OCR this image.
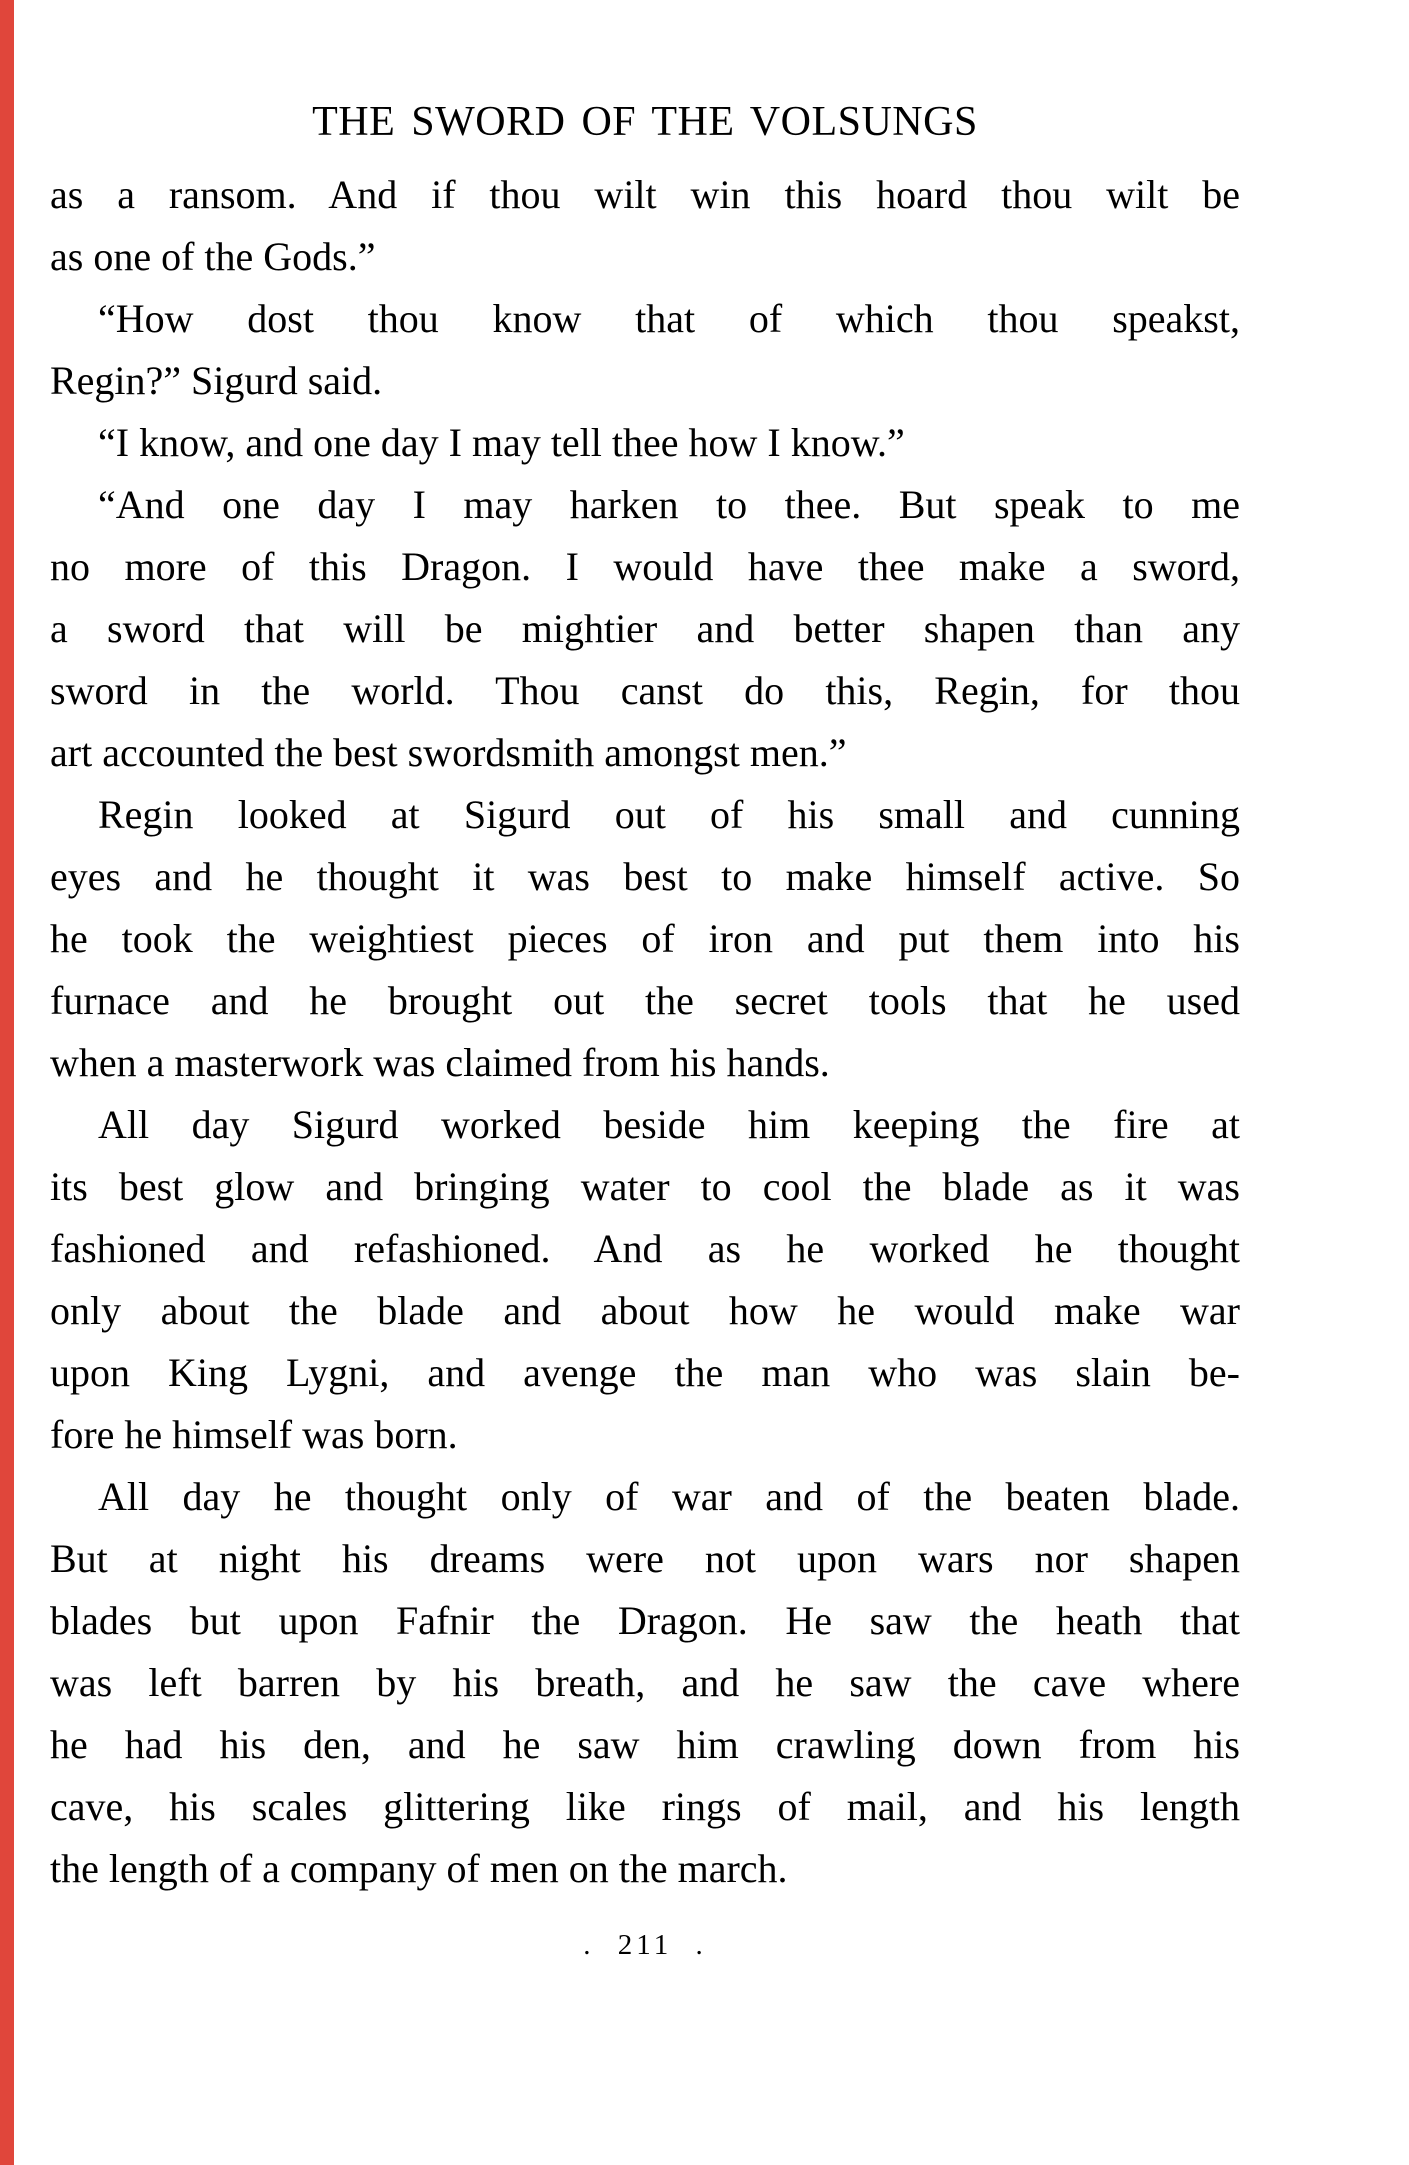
THE SWORD OF THE VOLSUNGS
as a ransom. And if thou wilt win this hoard thou wilt be
as one of the Gods.”
“How dost thou know that of which thou speakst,
Regin?” Sigurd said.
“I know, and one day I may tell thee how I know.”
“And one day I may harken to thee. But speak to me
no more of this Dragon. I would have thee make a sword,
a sword that will be mightier and better shapen than any
sword in the world. Thou canst do this, Regin, for thou
art accounted the best swordsmith amongst men.”
Regin looked at Sigurd out of his small and cunning
eyes and he thought it was best to make himself active. So
he took the weightiest pieces of iron and put them into his
furnace and he brought out the secret tools that he used
when a masterwork was claimed from his hands.
All day Sigurd worked beside him keeping the fire at
its best glow and bringing water to cool the blade as it was
fashioned and refashioned. And as he worked he thought
only about the blade and about how he would make war
upon King Lygni, and avenge the man who was slain be-
fore he himself was born.
All day he thought only of war and of the beaten blade.
But at night his dreams were not upon wars nor shapen
blades but upon Fafnir the Dragon. He saw the heath that
was left barren by his breath, and he saw the cave where
he had his den, and he saw him crawling down from his
cave, his scales glittering like rings of mail, and his length
the length of a company of men on the march.
. 211 .
